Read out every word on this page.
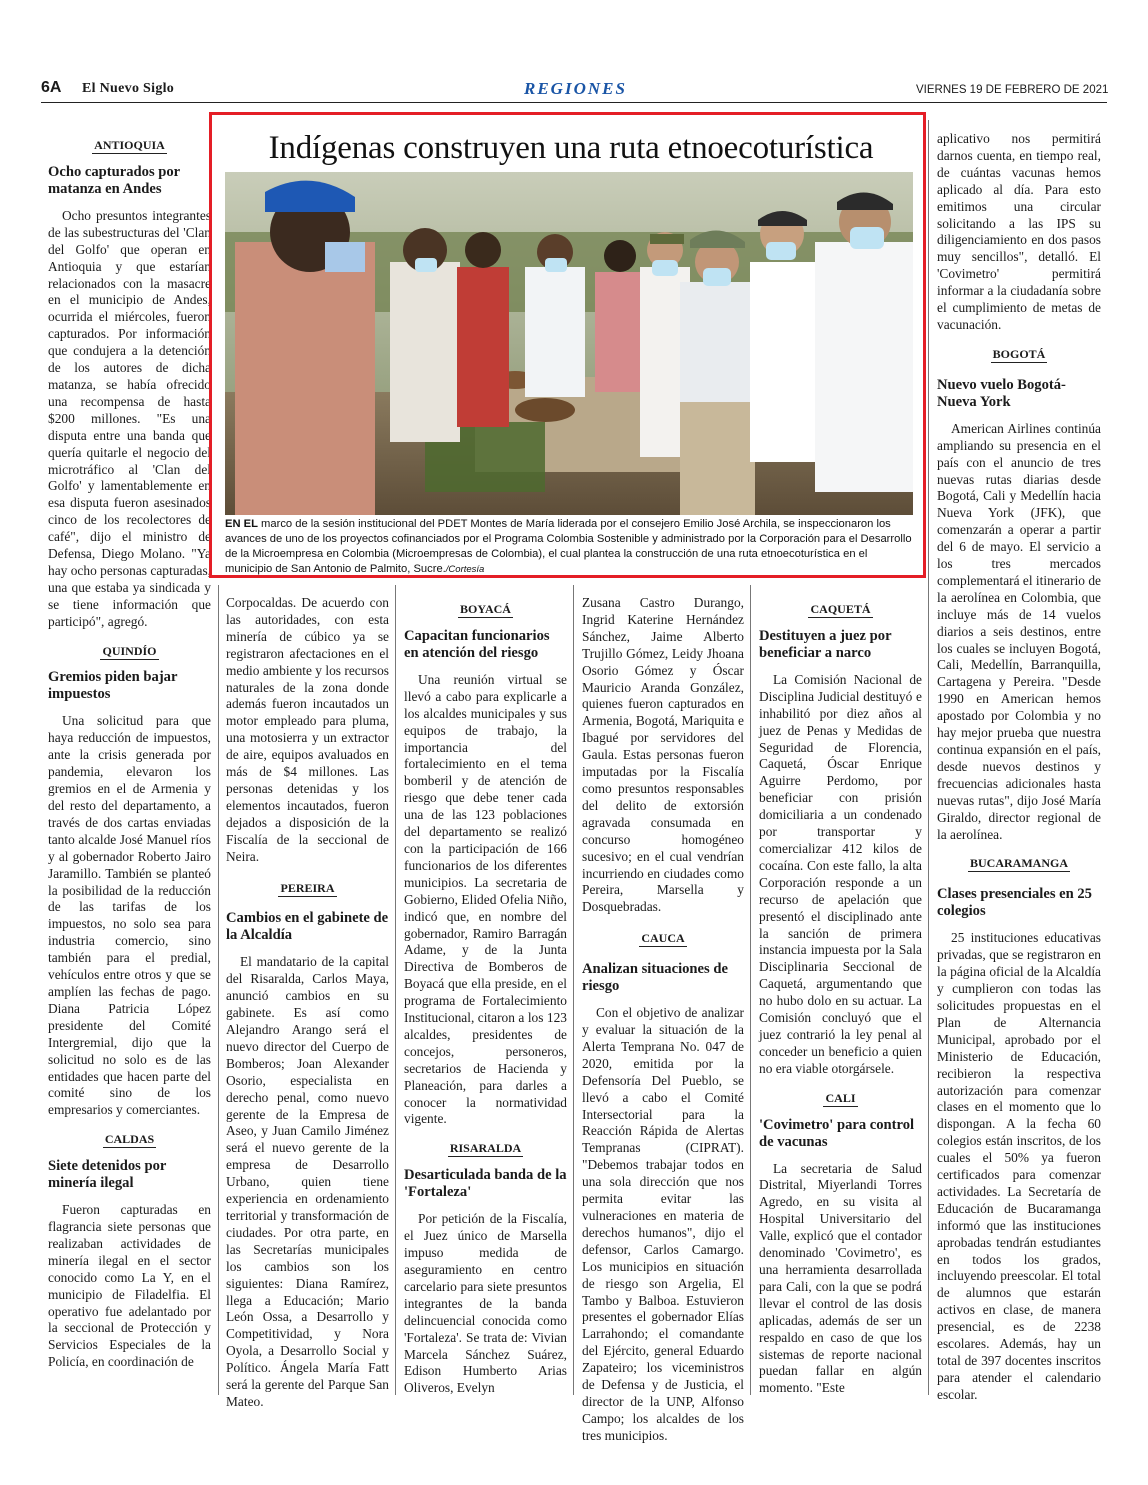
6A El Nuevo Siglo	REGIONES	VIERNES 19 DE FEBRERO DE 2021
ANTIOQUIA
Ocho capturados por matanza en Andes

Ocho presuntos integrantes de las subestructuras del 'Clan del Golfo' que operan en Antioquia y que estarían relacionados con la masacre en el municipio de Andes, ocurrida el miércoles, fueron capturados. Por información que condujera a la detención de los autores de dicha matanza, se había ofrecido una recompensa de hasta $200 millones. "Es una disputa entre una banda que quería quitarle el negocio del microtráfico al 'Clan del Golfo' y lamentablemente en esa disputa fueron asesinados cinco de los recolectores de café", dijo el ministro de Defensa, Diego Molano. "Ya hay ocho personas capturadas, una que estaba ya sindicada y se tiene información que participó", agregó.

QUINDÍO
Gremios piden bajar impuestos

Una solicitud para que haya reducción de impuestos, ante la crisis generada por pandemia, elevaron los gremios en el de Armenia y del resto del departamento, a través de dos cartas enviadas tanto alcalde José Manuel ríos y al gobernador Roberto Jairo Jaramillo. También se planteó la posibilidad de la reducción de las tarifas de los impuestos, no solo sea para industria comercio, sino también para el predial, vehículos entre otros y que se amplíen las fechas de pago. Diana Patricia López presidente del Comité Intergremial, dijo que la solicitud no solo es de las entidades que hacen parte del comité sino de los empresarios y comerciantes.

CALDAS
Siete detenidos por minería ilegal

Fueron capturadas en flagrancia siete personas que realizaban actividades de minería ilegal en el sector conocido como La Y, en el municipio de Filadelfia. El operativo fue adelantado por la seccional de Protección y Servicios Especiales de la Policía, en coordinación de

Indígenas construyen una ruta etnoecoturística
EN EL marco de la sesión institucional del PDET Montes de María liderada por el consejero Emilio José Archila, se inspeccionaron los avances de uno de los proyectos cofinanciados por el Programa Colombia Sostenible y administrado por la Corporación para el Desarrollo de la Microempresa en Colombia (Microempresas de Colombia), el cual plantea la construcción de una ruta etnoecoturística en el municipio de San Antonio de Palmito, Sucre./Cortesía

Corpocaldas. De acuerdo con las autoridades, con esta minería de cúbico ya se registraron afectaciones en el medio ambiente y los recursos naturales de la zona donde además fueron incautados un motor empleado para pluma, una motosierra y un extractor de aire, equipos avaluados en más de $4 millones. Las personas detenidas y los elementos incautados, fueron dejados a disposición de la Fiscalía de la seccional de Neira.

PEREIRA
Cambios en el gabinete de la Alcaldía

El mandatario de la capital del Risaralda, Carlos Maya, anunció cambios en su gabinete. Es así como Alejandro Arango será el nuevo director del Cuerpo de Bomberos; Joan Alexander Osorio, especialista en derecho penal, como nuevo gerente de la Empresa de Aseo, y Juan Camilo Jiménez será el nuevo gerente de la empresa de Desarrollo Urbano, quien tiene experiencia en ordenamiento territorial y transformación de ciudades. Por otra parte, en las Secretarías municipales los cambios son los siguientes: Diana Ramírez, llega a Educación; Mario León Ossa, a Desarrollo y Competitividad, y Nora Oyola, a Desarrollo Social y Político. Ángela María Fatt será la gerente del Parque San Mateo.

BOYACÁ
Capacitan funcionarios en atención del riesgo

Una reunión virtual se llevó a cabo para explicarle a los alcaldes municipales y sus equipos de trabajo, la importancia del fortalecimiento en el tema bomberil y de atención de riesgo que debe tener cada una de las 123 poblaciones del departamento se realizó con la participación de 166 funcionarios de los diferentes municipios. La secretaria de Gobierno, Elided Ofelia Niño, indicó que, en nombre del gobernador, Ramiro Barragán Adame, y de la Junta Directiva de Bomberos de Boyacá que ella preside, en el programa de Fortalecimiento Institucional, citaron a los 123 alcaldes, presidentes de concejos, personeros, secretarios de Hacienda y Planeación, para darles a conocer la normatividad vigente.

RISARALDA
Desarticulada banda de la 'Fortaleza'

Por petición de la Fiscalía, el Juez único de Marsella impuso medida de aseguramiento en centro carcelario para siete presuntos integrantes de la banda delincuencial conocida como 'Fortaleza'. Se trata de: Vivian Marcela Sánchez Suárez, Edison Humberto Arias Oliveros, Evelyn

Zusana Castro Durango, Ingrid Katerine Hernández Sánchez, Jaime Alberto Trujillo Gómez, Leidy Jhoana Osorio Gómez y Óscar Mauricio Aranda González, quienes fueron capturados en Armenia, Bogotá, Mariquita e Ibagué por servidores del Gaula. Estas personas fueron imputadas por la Fiscalía como presuntos responsables del delito de extorsión agravada consumada en concurso homogéneo sucesivo; en el cual vendrían incurriendo en ciudades como Pereira, Marsella y Dosquebradas.

CAUCA
Analizan situaciones de riesgo

Con el objetivo de analizar y evaluar la situación de la Alerta Temprana No. 047 de 2020, emitida por la Defensoría Del Pueblo, se llevó a cabo el Comité Intersectorial para la Reacción Rápida de Alertas Tempranas (CIPRAT). "Debemos trabajar todos en una sola dirección que nos permita evitar las vulneraciones en materia de derechos humanos", dijo el defensor, Carlos Camargo. Los municipios en situación de riesgo son Argelia, El Tambo y Balboa. Estuvieron presentes el gobernador Elías Larrahondo; el comandante del Ejército, general Eduardo Zapateiro; los viceministros de Defensa y de Justicia, el director de la UNP, Alfonso Campo; los alcaldes de los tres municipios.

CAQUETÁ
Destituyen a juez por beneficiar a narco

La Comisión Nacional de Disciplina Judicial destituyó e inhabilitó por diez años al juez de Penas y Medidas de Seguridad de Florencia, Caquetá, Óscar Enrique Aguirre Perdomo, por beneficiar con prisión domiciliaria a un condenado por transportar y comercializar 412 kilos de cocaína. Con este fallo, la alta Corporación responde a un recurso de apelación que presentó el disciplinado ante la sanción de primera instancia impuesta por la Sala Disciplinaria Seccional de Caquetá, argumentando que no hubo dolo en su actuar. La Comisión concluyó que el juez contrarió la ley penal al conceder un beneficio a quien no era viable otorgársele.

CALI
'Covimetro' para control de vacunas

La secretaria de Salud Distrital, Miyerlandi Torres Agredo, en su visita al Hospital Universitario del Valle, explicó que el contador denominado 'Covimetro', es una herramienta desarrollada para Cali, con la que se podrá llevar el control de las dosis aplicadas, además de ser un respaldo en caso de que los sistemas de reporte nacional puedan fallar en algún momento. "Este

aplicativo nos permitirá darnos cuenta, en tiempo real, de cuántas vacunas hemos aplicado al día. Para esto emitimos una circular solicitando a las IPS su diligenciamiento en dos pasos muy sencillos", detalló. El 'Covimetro' permitirá informar a la ciudadanía sobre el cumplimiento de metas de vacunación.

BOGOTÁ
Nuevo vuelo Bogotá-Nueva York

American Airlines continúa ampliando su presencia en el país con el anuncio de tres nuevas rutas diarias desde Bogotá, Cali y Medellín hacia Nueva York (JFK), que comenzarán a operar a partir del 6 de mayo. El servicio a los tres mercados complementará el itinerario de la aerolínea en Colombia, que incluye más de 14 vuelos diarios a seis destinos, entre los cuales se incluyen Bogotá, Cali, Medellín, Barranquilla, Cartagena y Pereira. "Desde 1990 en American hemos apostado por Colombia y no hay mejor prueba que nuestra continua expansión en el país, desde nuevos destinos y frecuencias adicionales hasta nuevas rutas", dijo José María Giraldo, director regional de la aerolínea.

BUCARAMANGA
Clases presenciales en 25 colegios

25 instituciones educativas privadas, que se registraron en la página oficial de la Alcaldía y cumplieron con todas las solicitudes propuestas en el Plan de Alternancia Municipal, aprobado por el Ministerio de Educación, recibieron la respectiva autorización para comenzar clases en el momento que lo dispongan. A la fecha 60 colegios están inscritos, de los cuales el 50% ya fueron certificados para comenzar actividades. La Secretaría de Educación de Bucaramanga informó que las instituciones aprobadas tendrán estudiantes en todos los grados, incluyendo preescolar. El total de alumnos que estarán activos en clase, de manera presencial, es de 2238 escolares. Además, hay un total de 397 docentes inscritos para atender el calendario escolar.
